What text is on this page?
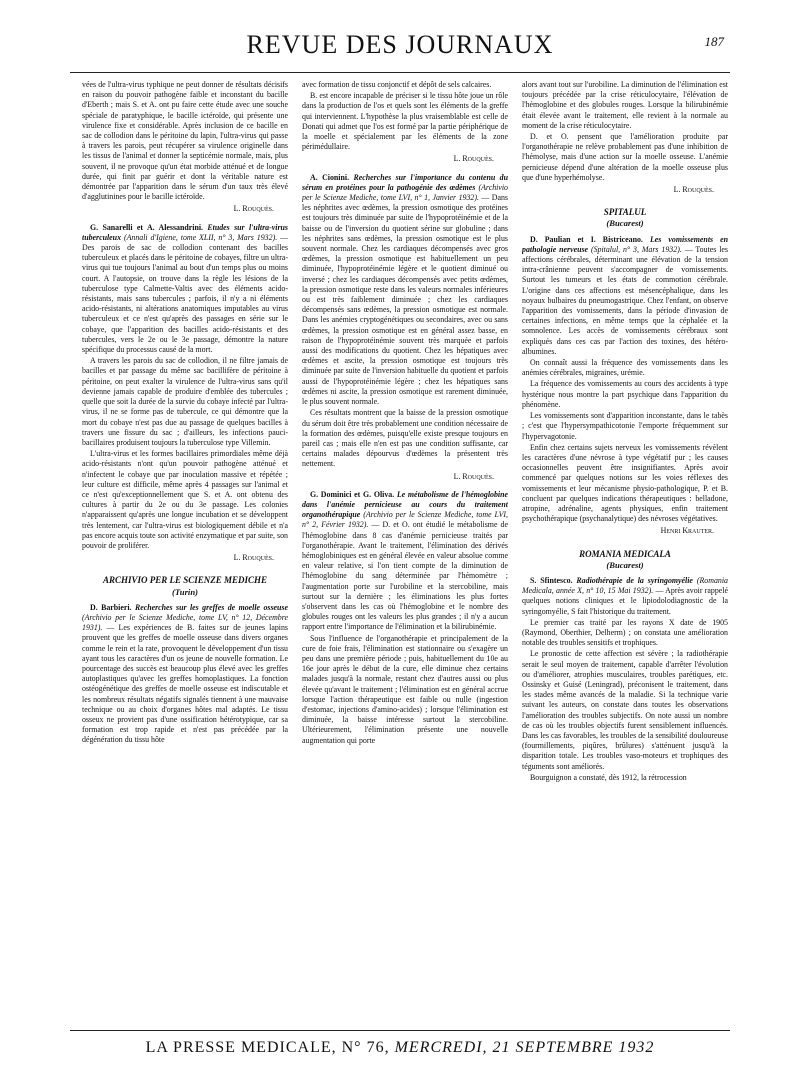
REVUE DES JOURNAUX	187

vées de l'ultra-virus typhique ne peut donner de résultats décisifs en raison du pouvoir pathogène faible et inconstant du bacille d'Eberth ; mais S. et A. ont pu faire cette étude avec une souche spéciale de paratyphique, le bacille ictéroïde, qui présente une virulence fixe et considérable. Après inclusion de ce bacille en sac de collodion dans le péritoine du lapin, l'ultra-virus qui passe à travers les parois, peut récupérer sa virulence originelle dans les tissus de l'animal et donner la septicémie normale, mais, plus souvent, il ne provoque qu'un état morbide atténué et de longue durée, qui finit par guérir et dont la véritable nature est démontrée par l'apparition dans le sérum d'un taux très élevé d'agglutinines pour le bacille ictéroïde.

L. Rouquès.

G. Sanarelli et A. Alessandrini. Etudes sur l'ultra-virus tuberculeux (Annali d'Igiene, tome XLII, n° 3, Mars 1932). — Des parois de sac de collodion contenant des bacilles tuberculeux et placés dans le péritoine de cobayes, filtre un ultra-virus qui tue toujours l'animal au bout d'un temps plus ou moins court. A l'autopsie, on trouve dans la règle les lésions de la tuberculose type Calmette-Valtis avec des éléments acido-résistants, mais sans tubercules ; parfois, il n'y a ni éléments acido-résistants, ni altérations anatomiques imputables au virus tuberculeux et ce n'est qu'après des passages en série sur le cobaye, que l'apparition des bacilles acido-résistants et des tubercules, vers le 2e ou le 3e passage, démontre la nature spécifique du processus causé de la mort.

A travers les parois du sac de collodion, il ne filtre jamais de bacilles et par passage du même sac bacillifère de péritoine à péritoine, on peut exalter la virulence de l'ultra-virus sans qu'il devienne jamais capable de produire d'emblée des tubercules ; quelle que soit la durée de la survie du cobaye infecté par l'ultra-virus, il ne se forme pas de tubercule, ce qui démontre que la mort du cobaye n'est pas due au passage de quelques bacilles à travers une fissure du sac ; d'ailleurs, les infections pauci-bacillaires produisent toujours la tuberculose type Villemin.

L'ultra-virus et les formes bacillaires primordiales même déjà acido-résistants n'ont qu'un pouvoir pathogène atténué et n'infectent le cobaye que par inoculation massive et répétée ; leur culture est difficile, même après 4 passages sur l'animal et ce n'est qu'exceptionnellement que S. et A. ont obtenu des cultures à partir du 2e ou du 3e passage. Les colonies n'apparaissent qu'après une longue incubation et se développent très lentement, car l'ultra-virus est biologiquement débile et n'a pas encore acquis toute son activité enzymatique et par suite, son pouvoir de proliférer.

L. Rouquès.
ARCHIVIO PER LE SCIENZE MEDICHE
(Turin)

D. Barbieri. Recherches sur les greffes de moelle osseuse (Archivio per le Scienze Mediche, tome LV, n° 12, Décembre 1931). — Les expériences de B. faites sur de jeunes lapins prouvent que les greffes de moelle osseuse dans divers organes comme le rein et la rate, provoquent le développement d'un tissu ayant tous les caractères d'un os jeune de nouvelle formation. Le pourcentage des succès est beaucoup plus élevé avec les greffes autoplastiques qu'avec les greffes homoplastiques. La fonction ostéogénétique des greffes de moelle osseuse est indiscutable et les nombreux résultats négatifs signalés tiennent à une mauvaise technique ou au choix d'organes hôtes mal adaptés. Le tissu osseux ne provient pas d'une ossification hétérotypique, car sa formation est trop rapide et n'est pas précédée par la dégénération du tissu hôte

avec formation de tissu conjonctif et dépôt de sels calcaires.

B. est encore incapable de préciser si le tissu hôte joue un rôle dans la production de l'os et quels sont les éléments de la greffe qui interviennent. L'hypothèse la plus vraisemblable est celle de Donati qui admet que l'os est formé par la partie périphérique de la moelle et spécialement par les éléments de la zone périmédullaire.

L. Rouquès.

A. Cionini. Recherches sur l'importance du contenu du sérum en protéines pour la pathogénie des œdèmes (Archivio per le Scienze Mediche, tome LVI, n° 1, Janvier 1932). — Dans les néphrites avec œdèmes, la pression osmotique des protéines est toujours très diminuée par suite de l'hypoprotéinémie et de la baisse ou de l'inversion du quotient sérine sur globuline ; dans les néphrites sans œdèmes, la pression osmotique est le plus souvent normale. Chez les cardiaques décompensés avec gros œdèmes, la pression osmotique est habituellement un peu diminuée, l'hypoprotéinémie légère et le quotient diminué ou inversé ; chez les cardiaques décompensés avec petits œdèmes, la pression osmotique reste dans les valeurs normales inférieures ou est très faiblement diminuée ; chez les cardiaques décompensés sans œdèmes, la pression osmotique est normale. Dans les anémies cryptogénétiques ou secondaires, avec ou sans œdèmes, la pression osmotique est en général assez basse, en raison de l'hypoprotéinémie souvent très marquée et parfois aussi des modifications du quotient. Chez les hépatiques avec œdèmes et ascite, la pression osmotique est toujours très diminuée par suite de l'inversion habituelle du quotient et parfois aussi de l'hypoprotéinémie légère ; chez les hépatiques sans œdèmes ni ascite, la pression osmotique est rarement diminuée, le plus souvent normale.

Ces résultats montrent que la baisse de la pression osmotique du sérum doit être très probablement une condition nécessaire de la formation des œdèmes, puisqu'elle existe presque toujours en pareil cas ; mais elle n'en est pas une condition suffisante, car certains malades dépourvus d'œdèmes la présentent très nettement.

L. Rouquès.

G. Dominici et G. Oliva. Le métabolisme de l'hémoglobine dans l'anémie pernicieuse au cours du traitement organothérapique (Archivio per le Scienze Mediche, tome LVI, n° 2, Février 1932). — D. et O. ont étudié le métabolisme de l'hémoglobine dans 8 cas d'anémie pernicieuse traités par l'organothérapie. Avant le traitement, l'élimination des dérivés hémoglobiniques est en général élevée en valeur absolue comme en valeur relative, si l'on tient compte de la diminution de l'hémoglobine du sang déterminée par l'hémomètre ; l'augmentation porte sur l'urobiline et la stercobiline, mais surtout sur la dernière ; les éliminations les plus fortes s'observent dans les cas où l'hémoglobine et le nombre des globules rouges ont les valeurs les plus grandes ; il n'y a aucun rapport entre l'importance de l'élimination et la bilirubinémie.

Sous l'influence de l'organothérapie et principalement de la cure de foie frais, l'élimination est stationnaire ou s'exagère un peu dans une première période ; puis, habituellement du 10e au 16e jour après le début de la cure, elle diminue chez certains malades jusqu'à la normale, restant chez d'autres aussi ou plus élevée qu'avant le traitement ; l'élimination est en général accrue lorsque l'action thérapeutique est faible ou nulle (ingestion d'estomac, injections d'amino-acides) ; lorsque l'élimination est diminuée, la baisse intéresse surtout la stercobiline. Ultérieurement, l'élimination présente une nouvelle augmentation qui porte

alors avant tout sur l'urobiline. La diminution de l'élimination est toujours précédée par la crise réticulocytaire, l'élévation de l'hémoglobine et des globules rouges. Lorsque la bilirubinémie était élevée avant le traitement, elle revient à la normale au moment de la crise réticulocytaire.

D. et O. pensent que l'amélioration produite par l'organothérapie ne relève probablement pas d'une inhibition de l'hémolyse, mais d'une action sur la moelle osseuse. L'anémie pernicieuse dépend d'une altération de la moelle osseuse plus que d'une hyperhémolyse.

L. Rouquès.
SPITALUL
(Bucarest)

D. Paulian et I. Bistriceano. Les vomissements en pathologie nerveuse (Spitalul, n° 3, Mars 1932). — Toutes les affections cérébrales, déterminant une élévation de la tension intra-crânienne peuvent s'accompagner de vomissements. Surtout les tumeurs et les états de commotion cérébrale. L'origine dans ces affections est mésencéphalique, dans les noyaux bulbaires du pneumogastrique. Chez l'enfant, on observe l'apparition des vomissements, dans la période d'invasion de certaines infections, en même temps que la céphalée et la somnolence. Les accès de vomissements cérébraux sont expliqués dans ces cas par l'action des toxines, des hétéro-albumines.

On connaît aussi la fréquence des vomissements dans les anémies cérébrales, migraines, urémie.

La fréquence des vomissements au cours des accidents à type hystérique nous montre la part psychique dans l'apparition du phénomène.

Les vomissements sont d'apparition inconstante, dans le tabès ; c'est que l'hypersympathicotonie l'emporte fréquemment sur l'hypervagotonie.

Enfin chez certains sujets nerveux les vomissements révèlent les caractères d'une névrose à type végétatif pur ; les causes occasionnelles peuvent être insignifiantes. Après avoir commencé par quelques notions sur les voies réflexes des vomissements et leur mécanisme physio-pathologique, P. et B. concluent par quelques indications thérapeutiques : belladone, atropine, adrénaline, agents physiques, enfin traitement psychothérapique (psychanalytique) des névroses végétatives.

Henri Krauter.
ROMANIA MEDICALA
(Bucarest)

S. Sfintesco. Radiothérapie de la syringomyélie (Romania Medicala, année X, n° 10, 15 Mai 1932). — Après avoir rappelé quelques notions cliniques et le lipiodolodiagnostic de la syringomyélie, S fait l'historique du traitement.

Le premier cas traité par les rayons X date de 1905 (Raymond, Oberthier, Delherm) ; on constata une amélioration notable des troubles sensitifs et trophiques.

Le pronostic de cette affection est sévère ; la radiothérapie serait le seul moyen de traitement, capable d'arrêter l'évolution ou d'améliorer, atrophies musculaires, troubles parétiques, etc. Ossinsky et Guisé (Leningrad), préconisent le traitement, dans les stades même avancés de la maladie. Si la technique varie suivant les auteurs, on constate dans toutes les observations l'amélioration des troubles subjectifs. On note aussi un nombre de cas où les troubles objectifs furent sensiblement influencés. Dans les cas favorables, les troubles de la sensibilité douloureuse (fourmillements, piqûres, brûlures) s'atténuent jusqu'à la disparition totale. Les troubles vaso-moteurs et trophiques des téguments sont améliorés.

Bourguignon a constaté, dès 1912, la rétrocession

LA PRESSE MEDICALE, N° 76, MERCREDI, 21 SEPTEMBRE 1932
